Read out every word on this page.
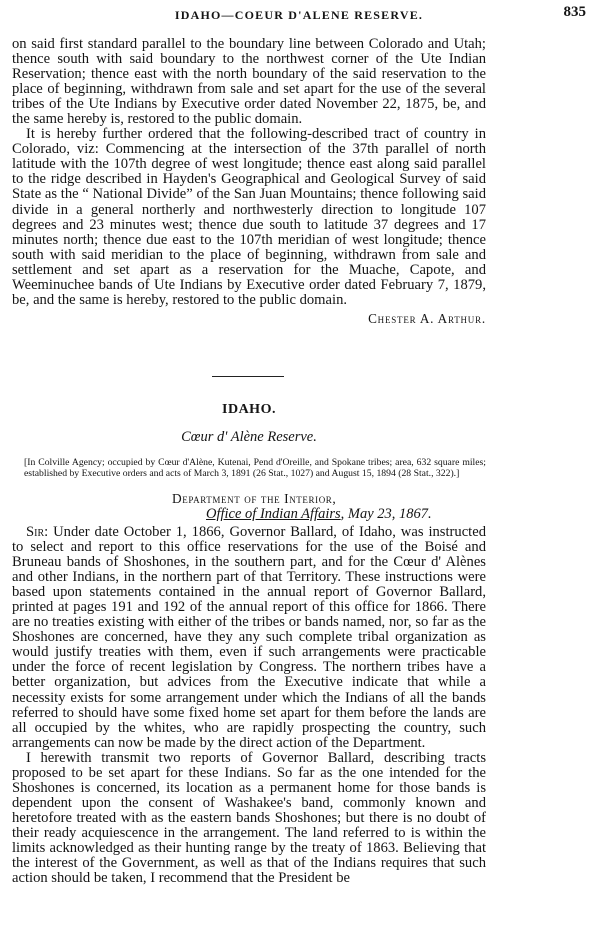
IDAHO—COEUR D'ALENE RESERVE.	835

on said first standard parallel to the boundary line between Colorado and Utah; thence south with said boundary to the northwest corner of the Ute Indian Reservation; thence east with the north boundary of the said reservation to the place of beginning, withdrawn from sale and set apart for the use of the several tribes of the Ute Indians by Executive order dated November 22, 1875, be, and the same hereby is, restored to the public domain.

It is hereby further ordered that the following-described tract of country in Colorado, viz: Commencing at the intersection of the 37th parallel of north latitude with the 107th degree of west longitude; thence east along said parallel to the ridge described in Hayden's Geographical and Geological Survey of said State as the “ National Divide” of the San Juan Mountains; thence following said divide in a general northerly and northwesterly direction to longitude 107 degrees and 23 minutes west; thence due south to latitude 37 degrees and 17 minutes north; thence due east to the 107th meridian of west longitude; thence south with said meridian to the place of beginning, withdrawn from sale and settlement and set apart as a reservation for the Muache, Capote, and Weeminuchee bands of Ute Indians by Executive order dated February 7, 1879, be, and the same is hereby, restored to the public domain.

Chester A. Arthur.

IDAHO.
Cœur d' Alène Reserve.

[In Colville Agency; occupied by Cœur d'Alène, Kutenai, Pend d'Oreille, and Spokane tribes; area, 632 square miles; established by Executive orders and acts of March 3, 1891 (26 Stat., 1027) and August 15, 1894 (28 Stat., 322).]

Department of the Interior,
Office of Indian Affairs, May 23, 1867.

Sir: Under date October 1, 1866, Governor Ballard, of Idaho, was instructed to select and report to this office reservations for the use of the Boisé and Bruneau bands of Shoshones, in the southern part, and for the Cœur d' Alènes and other Indians, in the northern part of that Territory. These instructions were based upon statements contained in the annual report of Governor Ballard, printed at pages 191 and 192 of the annual report of this office for 1866. There are no treaties existing with either of the tribes or bands named, nor, so far as the Shoshones are concerned, have they any such complete tribal organization as would justify treaties with them, even if such arrangements were practicable under the force of recent legislation by Congress. The northern tribes have a better organization, but advices from the Executive indicate that while a necessity exists for some arrangement under which the Indians of all the bands referred to should have some fixed home set apart for them before the lands are all occupied by the whites, who are rapidly prospecting the country, such arrangements can now be made by the direct action of the Department.

I herewith transmit two reports of Governor Ballard, describing tracts proposed to be set apart for these Indians. So far as the one intended for the Shoshones is concerned, its location as a permanent home for those bands is dependent upon the consent of Washakee's band, commonly known and heretofore treated with as the eastern bands Shoshones; but there is no doubt of their ready acquiescence in the arrangement. The land referred to is within the limits acknowledged as their hunting range by the treaty of 1863. Believing that the interest of the Government, as well as that of the Indians requires that such action should be taken, I recommend that the President be
